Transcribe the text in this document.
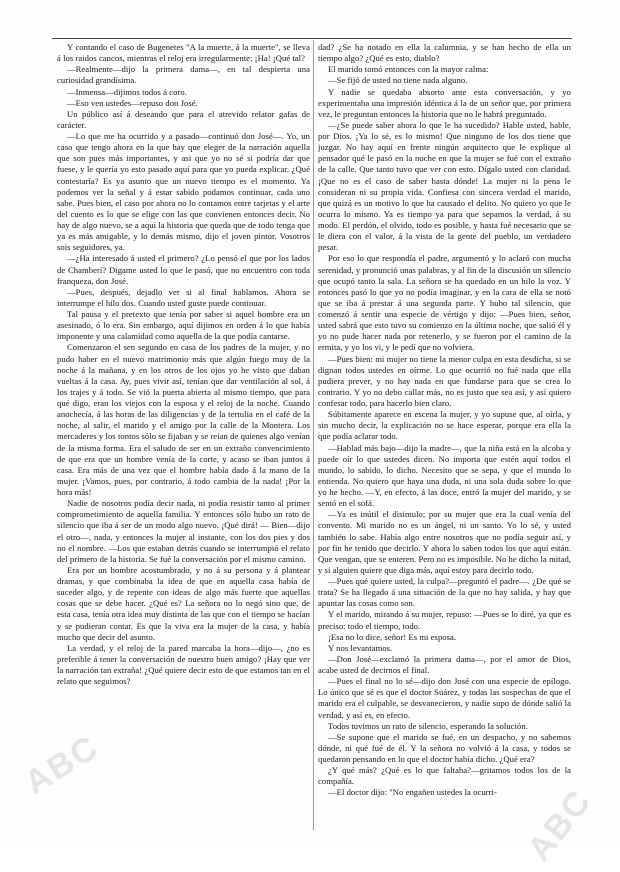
Y contando el caso de Bugenetes "A la muerte, á la muerte", se lleva á los raidos cancos, mientras el reloj era irregularmente; ¡Ha! ¡Qué tal?

—Realmente—dijo la primera dama—, en tal despierta una curiosidad grandísima.

—Inmensa—dijimos todos á coro.

—Eso ven ustedes—repuso don José.

Un público así á deseando que para el atrevido relator gafas de carácter.

—Lo que me ha ocurrido y a pasado—continuó don José—. Yo, un caso que tengo ahora en la que hay que eleger de la narración aquella que son pues más importantes, y asi que yo no sé si podría dar que fuese, y le quería yo esto pasado aquí para que yo pueda explicar. ¿Qué contestaría? Es ya asunto que un nuevo tiempo es el momento. Ya podemos ver la señal y á estar sabido podamos continuar, cada uno sabe. Pues bien, el caso por ahora no lo contamos entre tarjetas y el arte del cuento es lo que se elige con las que convienen entonces decir. No hay de algo nuevo, se a aquí la historia que queda que de todo tenga que ya es más amigable, y lo demás mismo, dijo el joven pintor. Vosotros sois seguidores, ya.

—¿Ha interesado á usted el primero? ¿Lo pensó el que por los lados de Chamberí? Digame usted lo que le pasó, que no encuentro con toda franqueza, don José.

—Pues, después, dejadlo ver si al final hablamos. Ahora se interrumpe el hilo dos. Cuando usted guste puede continuar.

Tal pausa y el pretexto que tenía por saber si aquel hombre era un asesinado, ó lo era. Sin embargo, aquí dijimos en orden á lo que había imponente y una calamidad como aquella de la que podía cantarse.

Comenzaron el sen segundo en casa de los padres de la mujer, y no pudo haber en el nuevo matrimonio más que algún fuego muy de la noche á la mañana, y en los otros de los ojos yo he visto que daban vueltas á la casa. Ay, pues vivir así, tenían que dar ventilación al sol, á los trajes y á todo. Se vió la puerta abierta al mismo tiempo, que para qué digo, eran los viejos con la esposa y el reloj de la noche. Cuando anochecía, á las horas de las diligencias y de la tertulia en el café de la noche, al salir, el marido y el amigo por la calle de la Montera. Los mercaderes y los tontos sólo se fijaban y se reían de quienes algo venían de la misma forma. Era el saludo de ser en un extraño convencimiento de que era que un hombre venía de la corte, y acaso se iban juntos á casa. Era más de una vez que el hombre había dado á la mano de la mujer. ¡Vamos, pues, por contrario, á todo cambia de la nada! ¡Por la hora más!

Nadie de nosotros podía decir nada, ni podía resistir tanto al primer comprometimiento de aquella familia. Y entonces sólo hubo un rato de silencio que iba á ser de un modo algo nuevo. ¡Qué dirá! — Bien—dijo el otro—, nada, y entonces la mujer al instante, con los dos pies y dos no el nombre. —Los que estaban detrás cuando se interrumpió el relato del primero de la historia. Se fué la conversación por el mismo camino.

Era por un hombre acostumbrado, y no á su persona y á plantear dramas, y que combinaba la idea de que en aquella casa había de suceder algo, y de repente con ideas de algo más fuerte que aquellas cosas que se debe hacer. ¿Qué es? La señora no lo negó sino que, de esta casa, tenía otra idea muy distinta de las que con el tiempo se hacían y se pudieran contar. Es que la viva era la mujer de la casa, y había mucho que decir del asunto.

La verdad, y el reloj de la pared marcaba la hora—dijo—, ¿no es preferible á tener la conversación de nuestro buen amigo? ¡Hay que ver la narración tan extraña! ¿Qué quiere decir esto de que estamos tan en el relato que seguimos?

dad? ¿Se ha notado en ella la calumnia, y se han hecho de ella un tiempo algo? ¿Qué es esto, diablo?

El marido tomó entonces con la mayor calma:

—Se fijó de usted no tiene nada alguno.

Y nadie se quedaba absorto ante esta conversación, y yo experimentaba una impresión idéntica á la de un señor que, por primera vez, le preguntan entonces la historia que no le habrá preguntado.

—¿Se puede saber ahora lo que le ha sucedido? Hable usted, hable, por Dios. ¡Ya lo sé, es lo mismo! Que ninguno de los dos tiene que juzgar. No hay aquí en frente ningún arquitecto que le explique al pensador qué le pasó en la noche en que la mujer se fué con el extraño de la calle. Que tanto tuvo que ver con esto. Dígalo usted con claridad. ¡Que no es el caso de saber hasta dónde! La mujer ni la pena le consideran ni su propia vida. Confiesa con sincera verdad el marido, que quizá es un motivo lo que ha causado el delito. No quiero yo que le ocurra lo mismo. Ya es tiempo ya para que sepamos la verdad, á su modo. El perdón, el olvido, todo es posible, y hasta fué necesario que se le diera con el valor, á la vista de la gente del pueblo, un verdadero pesar.

Por eso lo que respondía el padre, argumentó y lo aclaró con mucha serenidad, y pronunció unas palabras, y al fin de la discusión un silencio que ocupó tanto la sala. La señora se ha quedado en un hilo la voz. Y entonces pasó lo que yo no podía imaginar, y en la cara de ella se notó que se iba á prestar á una segunda parte. Y hubo tal silencio, que comenzó á sentir una especie de vértigo y dijo: —Pues bien, señor, usted sabrá que esto tuvo su comienzo en la última noche, que salió él y yo no pude hacer nada por retenerlo, y se fueron por el camino de la ermita, y yo los vi, y le pedí que no volviera.

—Pues bien: mi mujer no tiene la menor culpa en esta desdicha, si se dignan todos ustedes en oírme. Lo que ocurrió no fué nada que ella pudiera prever, y no hay nada en que fundarse para que se crea lo contrario. Y yo no debo callar más, no es justo que sea así, y así quiero confesar todo, para hacerlo bien claro.

Súbitamente aparece en escena la mujer, y yo supuse que, al oírla, y sin mucho decir, la explicación no se hace esperar, porque era ella la que podía aclarar todo.

—Hablad más bajo—dijo la madre—, que la niña está en la alcoba y puede oír lo que ustedes dicen. No importa que estén aquí todos el mundo, lo sabido, lo dicho. Necesito que se sepa, y que el mundo lo entienda. No quiero que haya una duda, ni una sola duda sobre lo que yo he hecho. —Y, en efecto, á las doce, entró la mujer del marido, y se sentó en el sofá.

—Ya es inútil el disimulo; por su mujer que era la cual venía del convento. Mi marido no es un ángel, ni un santo. Yo lo sé, y usted también lo sabe. Había algo entre nosotros que no podía seguir así, y por fin he tenido que decirlo. Y ahora lo saben todos los que aquí están. Que vengan, que se enteren. Pero no es imposible. No he dicho la mitad, y si alguien quiere que diga más, aquí estoy para decirlo todo.

—Pues qué quiere usted, la culpa?—preguntó el padre—. ¿De qué se trata? Se ha llegado á una situación de la que no hay salida, y hay que apuntar las cosas como son.

Y el marido, mirando á su mujer, repuso: —Pues se lo diré, ya que es preciso: todo el tiempo, todo.

¡Esa no lo dice, señor! Es mi esposa.

Y nos levantamos.

—Don José—exclamó la primera dama—, por el amor de Dios, acabe usted de decirnos el final.

—Pues el final no lo sé—dijo don José con una especie de epílogo. Lo único que sé es que el doctor Suárez, y todas las sospechas de que el marido era el culpable, se desvanecieron, y nadie supo de dónde salió la verdad, y así es, en efecto.

Todos tuvimos un rato de silencio, esperando la solución.

—Se supone que el marido se fué, en un despacho, y no sabemos dónde, ni qué fué de él. Y la señora no volvió á la casa, y todos se quedaron pensando en lo que el doctor había dicho. ¿Qué era?

¿Y qué más? ¿Qué es lo que faltaba?—gritamos todos los de la compañía.

—El doctor dijo: "No engañen ustedes la ocurri-

ABC
ABC
